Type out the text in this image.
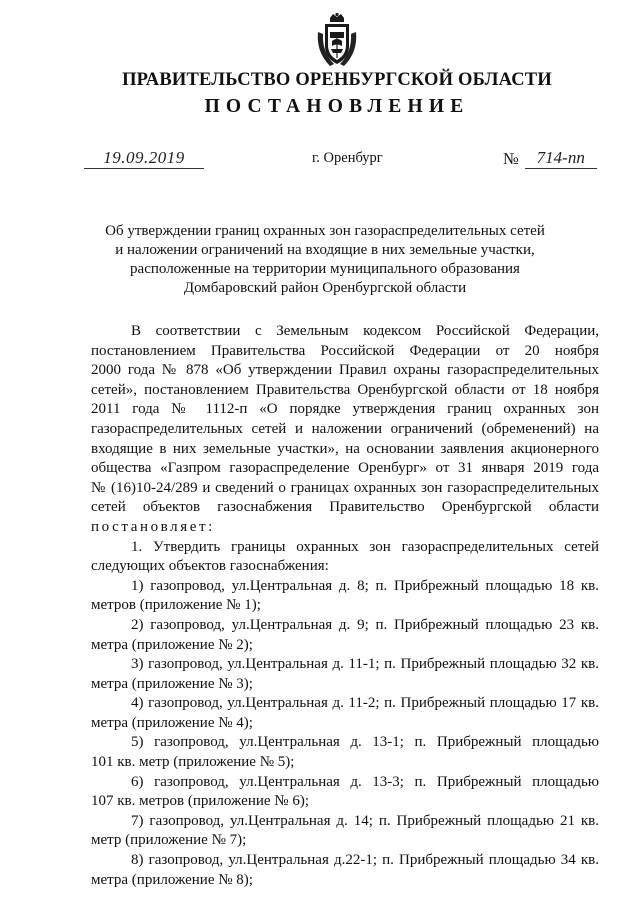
ПРАВИТЕЛЬСТВО ОРЕНБУРГСКОЙ ОБЛАСТИ
ПОСТАНОВЛЕНИЕ
19.09.2019	г. Оренбург	№	714-пп
Об утверждении границ охранных зон газораспределительных сетей
и наложении ограничений на входящие в них земельные участки,
расположенные на территории муниципального образования
Домбаровский район Оренбургской области
В соответствии с Земельным кодексом Российской Федерации,
постановлением Правительства Российской Федерации от 20 ноября
2000 года № 878 «Об утверждении Правил охраны газораспределительных
сетей», постановлением Правительства Оренбургской области от 18 ноября
2011 года № 1112-п «О порядке утверждения границ охранных зон
газораспределительных сетей и наложении ограничений (обременений) на
входящие в них земельные участки», на основании заявления акционерного
общества «Газпром газораспределение Оренбург» от 31 января 2019 года
№ (16)10-24/289 и сведений о границах охранных зон газораспределительных
сетей объектов газоснабжения Правительство Оренбургской области
постановляет:
1. Утвердить границы охранных зон газораспределительных сетей
следующих объектов газоснабжения:
1) газопровод, ул.Центральная д. 8; п. Прибрежный площадью 18 кв.
метров (приложение № 1);
2) газопровод, ул.Центральная д. 9; п. Прибрежный площадью 23 кв.
метра (приложение № 2);
3) газопровод, ул.Центральная д. 11-1; п. Прибрежный площадью 32 кв.
метра (приложение № 3);
4) газопровод, ул.Центральная д. 11-2; п. Прибрежный площадью 17 кв.
метра (приложение № 4);
5) газопровод, ул.Центральная д. 13-1; п. Прибрежный площадью
101 кв. метр (приложение № 5);
6) газопровод, ул.Центральная д. 13-3; п. Прибрежный площадью
107 кв. метров (приложение № 6);
7) газопровод, ул.Центральная д. 14; п. Прибрежный площадью 21 кв.
метр (приложение № 7);
8) газопровод, ул.Центральная д.22-1; п. Прибрежный площадью 34 кв.
метра (приложение № 8);
